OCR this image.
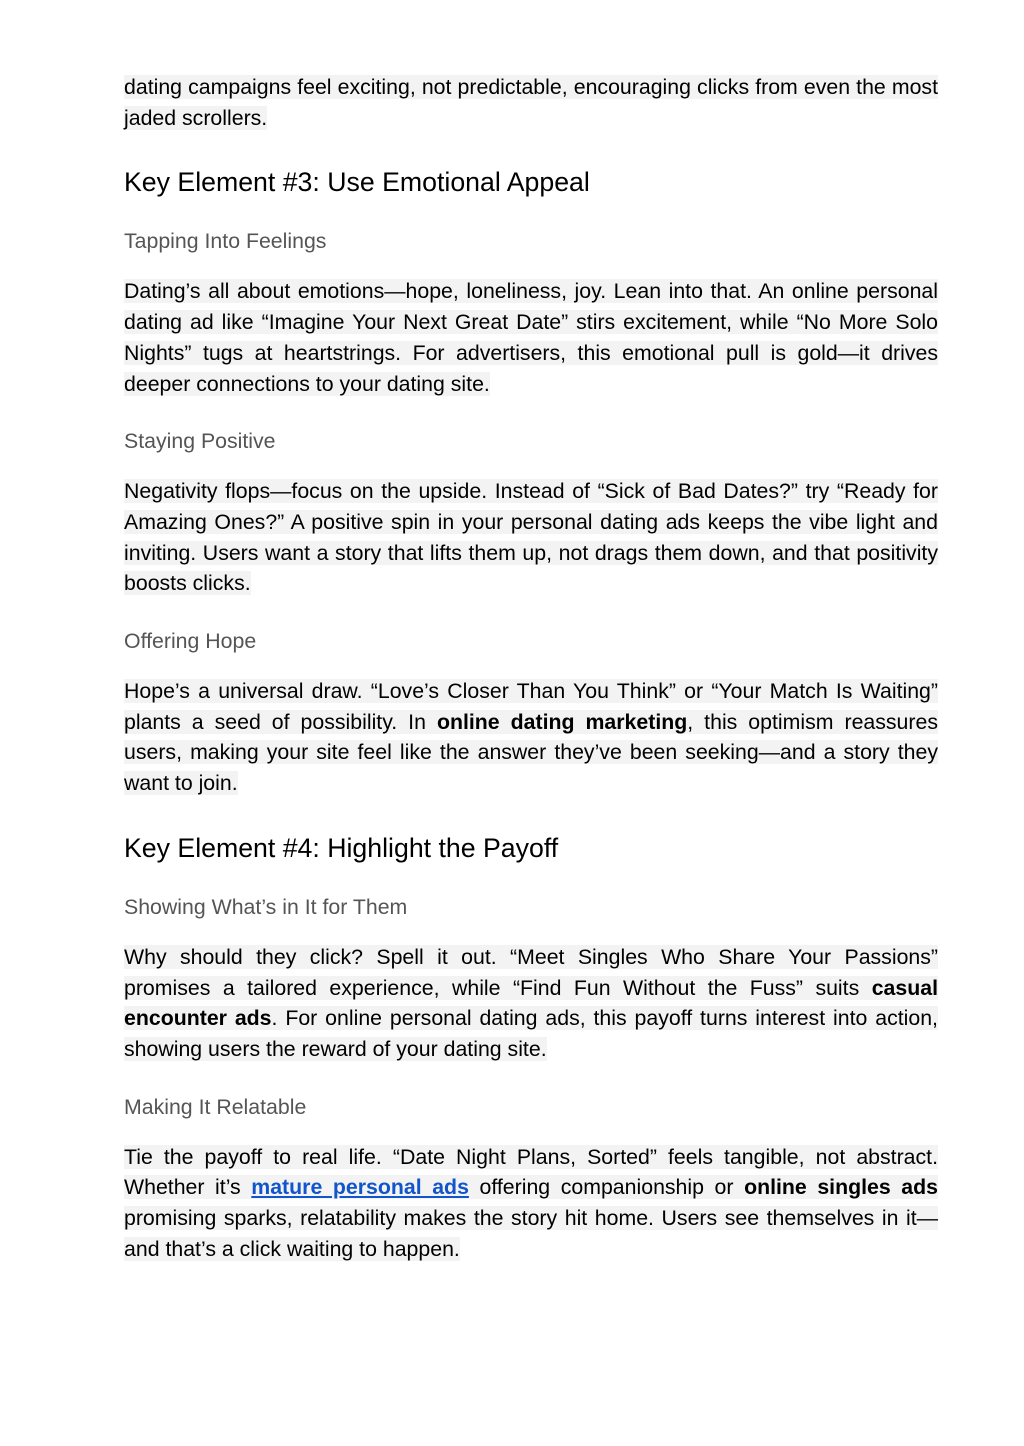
dating campaigns feel exciting, not predictable, encouraging clicks from even the most jaded scrollers.

Key Element #3: Use Emotional Appeal
Tapping Into Feelings

Dating’s all about emotions—hope, loneliness, joy. Lean into that. An online personal dating ad like “Imagine Your Next Great Date” stirs excitement, while “No More Solo Nights” tugs at heartstrings. For advertisers, this emotional pull is gold—it drives deeper connections to your dating site.

Staying Positive

Negativity flops—focus on the upside. Instead of “Sick of Bad Dates?” try “Ready for Amazing Ones?” A positive spin in your personal dating ads keeps the vibe light and inviting. Users want a story that lifts them up, not drags them down, and that positivity boosts clicks.

Offering Hope

Hope’s a universal draw. “Love’s Closer Than You Think” or “Your Match Is Waiting” plants a seed of possibility. In online dating marketing, this optimism reassures users, making your site feel like the answer they’ve been seeking—and a story they want to join.

Key Element #4: Highlight the Payoff
Showing What’s in It for Them

Why should they click? Spell it out. “Meet Singles Who Share Your Passions” promises a tailored experience, while “Find Fun Without the Fuss” suits casual encounter ads. For online personal dating ads, this payoff turns interest into action, showing users the reward of your dating site.

Making It Relatable

Tie the payoff to real life. “Date Night Plans, Sorted” feels tangible, not abstract. Whether it’s mature personal ads offering companionship or online singles ads promising sparks, relatability makes the story hit home. Users see themselves in it—and that’s a click waiting to happen.
